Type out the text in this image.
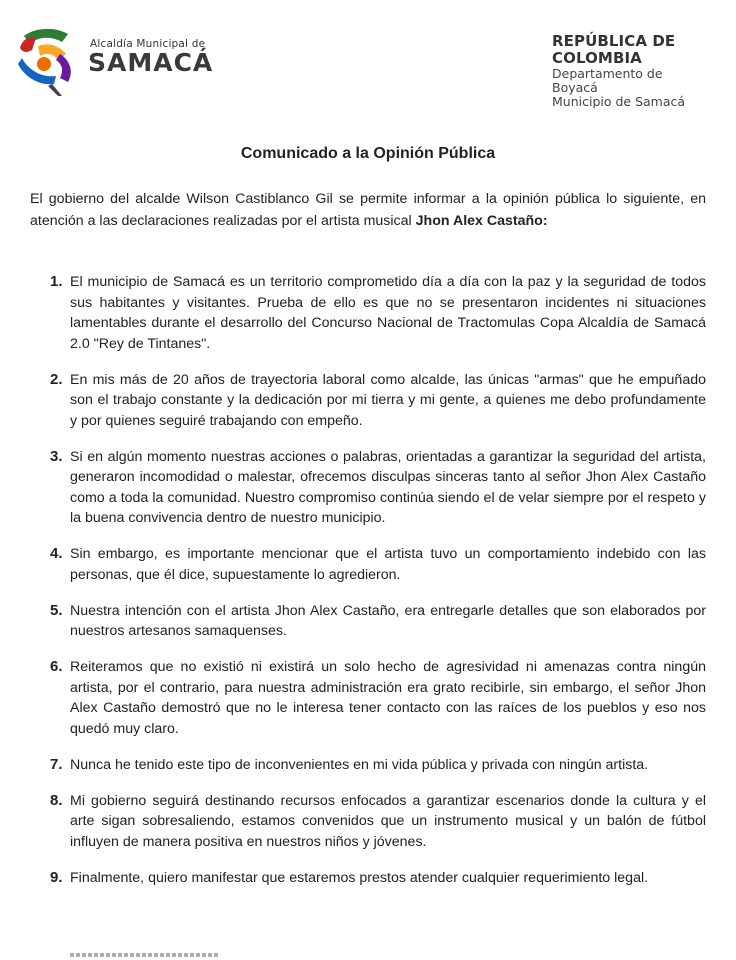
Alcaldía Municipal de
SAMACÁ
REPÚBLICA DE COLOMBIA
Departamento de Boyacá
Municipio de Samacá
Comunicado a la Opinión Pública
El gobierno del alcalde Wilson Castiblanco Gil se permite informar a la opinión pública lo siguiente, en atención a las declaraciones realizadas por el artista musical Jhon Alex Castaño:
1. El municipio de Samacá es un territorio comprometido día a día con la paz y la seguridad de todos sus habitantes y visitantes. Prueba de ello es que no se presentaron incidentes ni situaciones lamentables durante el desarrollo del Concurso Nacional de Tractomulas Copa Alcaldía de Samacá 2.0 "Rey de Tintanes".
2. En mis más de 20 años de trayectoria laboral como alcalde, las únicas "armas" que he empuñado son el trabajo constante y la dedicación por mi tierra y mi gente, a quienes me debo profundamente y por quienes seguiré trabajando con empeño.
3. Si en algún momento nuestras acciones o palabras, orientadas a garantizar la seguridad del artista, generaron incomodidad o malestar, ofrecemos disculpas sinceras tanto al señor Jhon Alex Castaño como a toda la comunidad. Nuestro compromiso continúa siendo el de velar siempre por el respeto y la buena convivencia dentro de nuestro municipio.
4. Sin embargo, es importante mencionar que el artista tuvo un comportamiento indebido con las personas, que él dice, supuestamente lo agredieron.
5. Nuestra intención con el artista Jhon Alex Castaño, era entregarle detalles que son elaborados por nuestros artesanos samaquenses.
6. Reiteramos que no existió ni existirá un solo hecho de agresividad ni amenazas contra ningún artista, por el contrario, para nuestra administración era grato recibirle, sin embargo, el señor Jhon Alex Castaño demostró que no le interesa tener contacto con las raíces de los pueblos y eso nos quedó muy claro.
7. Nunca he tenido este tipo de inconvenientes en mi vida pública y privada con ningún artista.
8. Mi gobierno seguirá destinando recursos enfocados a garantizar escenarios donde la cultura y el arte sigan sobresaliendo, estamos convenidos que un instrumento musical y un balón de fútbol influyen de manera positiva en nuestros niños y jóvenes.
9. Finalmente, quiero manifestar que estaremos prestos atender cualquier requerimiento legal.
